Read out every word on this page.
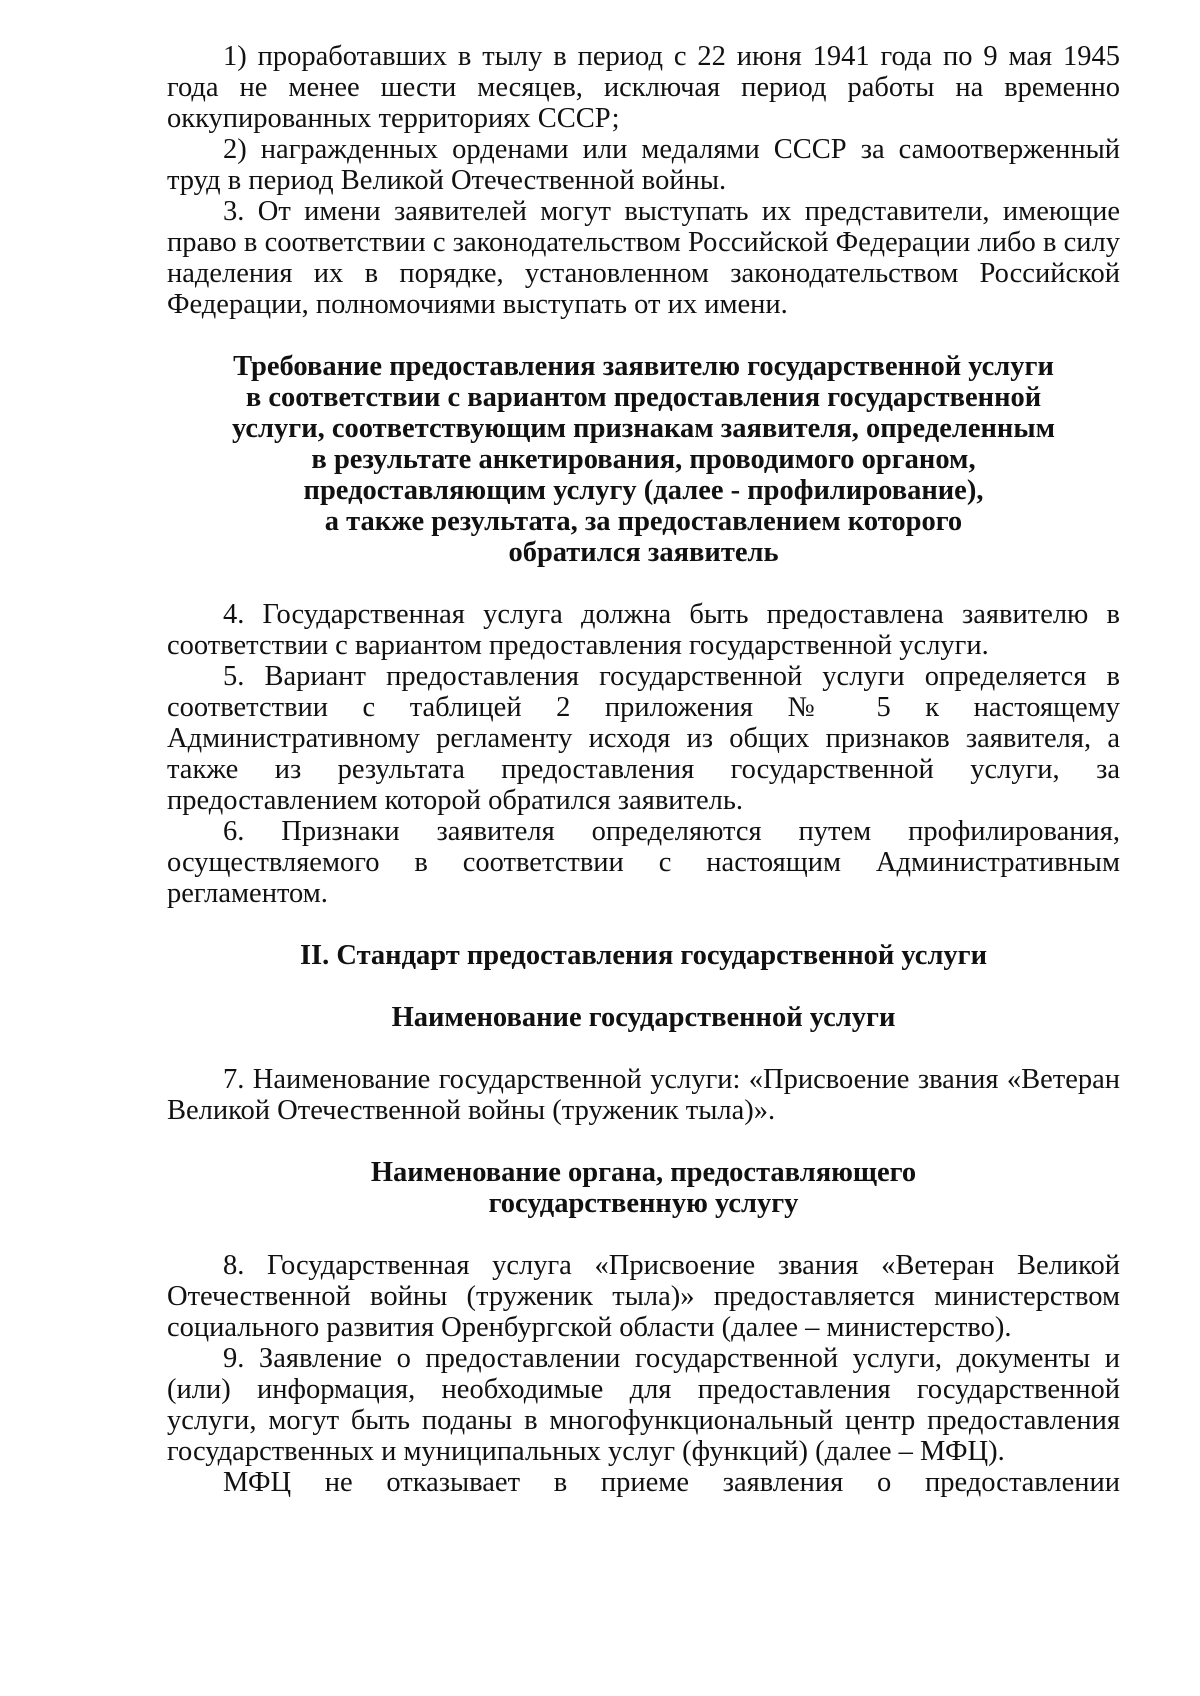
1) проработавших в тылу в период с 22 июня 1941 года по 9 мая 1945 года не менее шести месяцев, исключая период работы на временно оккупированных территориях СССР;

2) награжденных орденами или медалями СССР за самоотверженный труд в период Великой Отечественной войны.

3. От имени заявителей могут выступать их представители, имеющие право в соответствии с законодательством Российской Федерации либо в силу наделения их в порядке, установленном законодательством Российской Федерации, полномочиями выступать от их имени.

Требование предоставления заявителю государственной услуги
в соответствии с вариантом предоставления государственной
услуги, соответствующим признакам заявителя, определенным
в результате анкетирования, проводимого органом,
предоставляющим услугу (далее - профилирование),
а также результата, за предоставлением которого
обратился заявитель

4. Государственная услуга должна быть предоставлена заявителю в соответствии с вариантом предоставления государственной услуги.

5. Вариант предоставления государственной услуги определяется в соответствии с таблицей 2 приложения № 5 к настоящему Административному регламенту исходя из общих признаков заявителя, а также из результата предоставления государственной услуги, за предоставлением которой обратился заявитель.

6. Признаки заявителя определяются путем профилирования, осуществляемого в соответствии с настоящим Административным регламентом.

II. Стандарт предоставления государственной услуги
Наименование государственной услуги

7. Наименование государственной услуги: «Присвоение звания «Ветеран Великой Отечественной войны (труженик тыла)».

Наименование органа, предоставляющего
государственную услугу

8. Государственная услуга «Присвоение звания «Ветеран Великой Отечественной войны (труженик тыла)» предоставляется министерством социального развития Оренбургской области (далее – министерство).

9. Заявление о предоставлении государственной услуги, документы и (или) информация, необходимые для предоставления государственной услуги, могут быть поданы в многофункциональный центр предоставления государственных и муниципальных услуг (функций) (далее – МФЦ).

МФЦ не отказывает в приеме заявления о предоставлении
